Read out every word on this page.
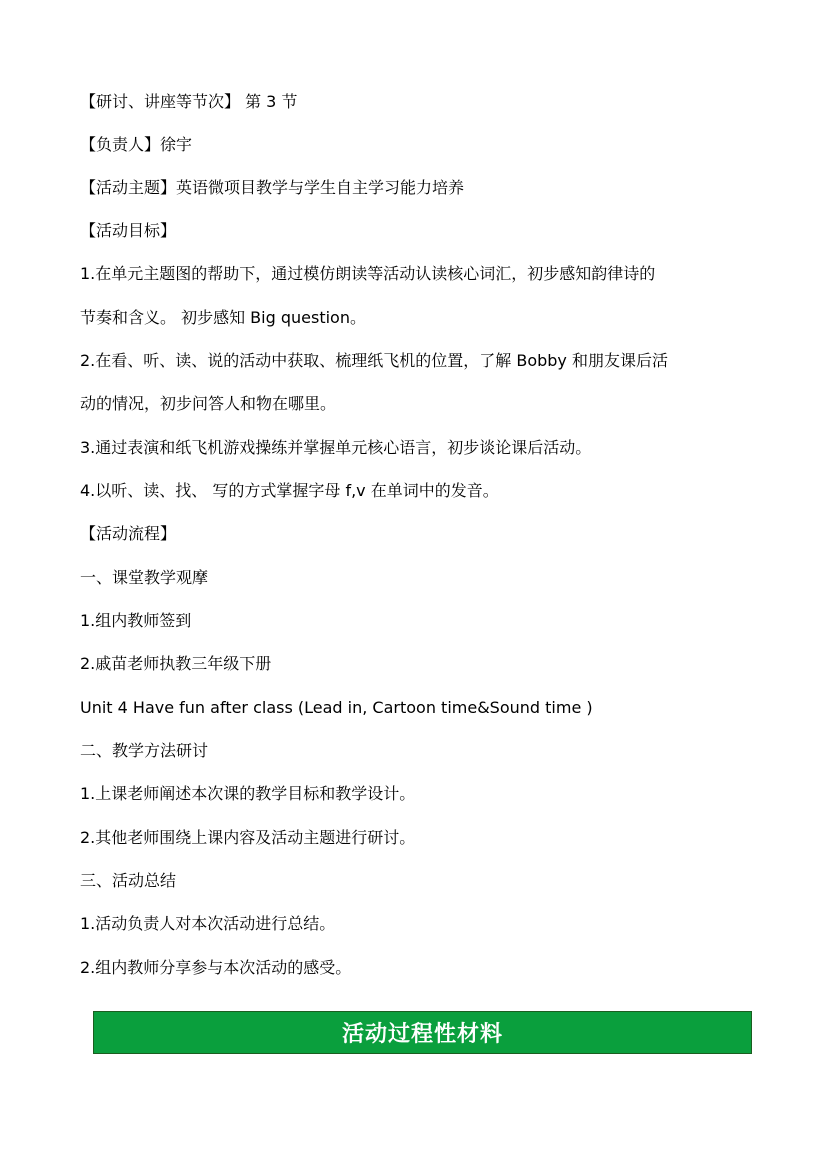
【研讨、讲座等节次】 第 3 节
【负责人】徐宇
【活动主题】英语微项目教学与学生自主学习能力培养
【活动目标】
1.在单元主题图的帮助下，通过模仿朗读等活动认读核心词汇，初步感知韵律诗的
节奏和含义。 初步感知 Big question。
2.在看、听、读、说的活动中获取、梳理纸飞机的位置，了解 Bobby 和朋友课后活
动的情况，初步问答人和物在哪里。
3.通过表演和纸飞机游戏操练并掌握单元核心语言，初步谈论课后活动。
4.以听、读、找、 写的方式掌握字母 f,v 在单词中的发音。
【活动流程】
一、课堂教学观摩
1.组内教师签到
2.戚苗老师执教三年级下册
Unit 4 Have fun after class (Lead in, Cartoon time&Sound time )
二、教学方法研讨
1.上课老师阐述本次课的教学目标和教学设计。
2.其他老师围绕上课内容及活动主题进行研讨。
三、活动总结
1.活动负责人对本次活动进行总结。
2.组内教师分享参与本次活动的感受。
活动过程性材料
